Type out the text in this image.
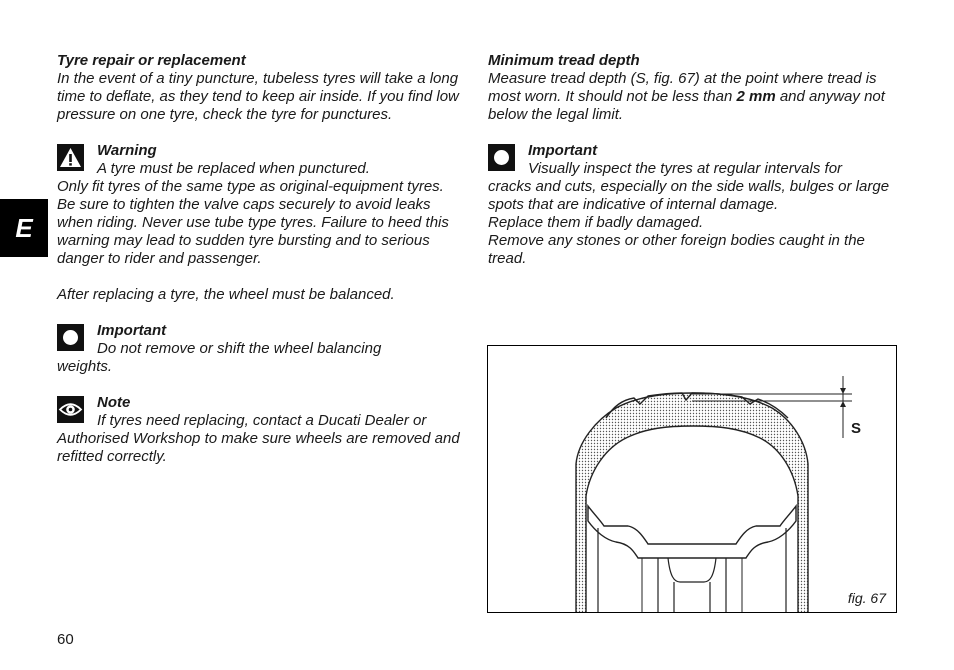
E
Tyre repair or replacement
In the event of a tiny puncture, tubeless tyres will take a long time to deflate, as they tend to keep air inside. If you find low pressure on one tyre, check the tyre for punctures.
Warning
A tyre must be replaced when punctured.
Only fit tyres of the same type as original-equipment tyres.
Be sure to tighten the valve caps securely to avoid leaks when riding. Never use tube type tyres. Failure to heed this warning may lead to sudden tyre bursting and to serious danger to rider and passenger.
After replacing a tyre, the wheel must be balanced.
Important
Do not remove or shift the wheel balancing
weights.
Note
If tyres need replacing, contact a Ducati Dealer or
Authorised Workshop to make sure wheels are removed and refitted correctly.
Minimum tread depth
Measure tread depth (S, fig. 67) at the point where tread is most worn. It should not be less than 2 mm and anyway not below the legal limit.
Important
Visually inspect the tyres at regular intervals for
cracks and cuts, especially on the side walls, bulges or large spots that are indicative of internal damage.
Replace them if badly damaged.
Remove any stones or other foreign bodies caught in the tread.
S
fig. 67
60
